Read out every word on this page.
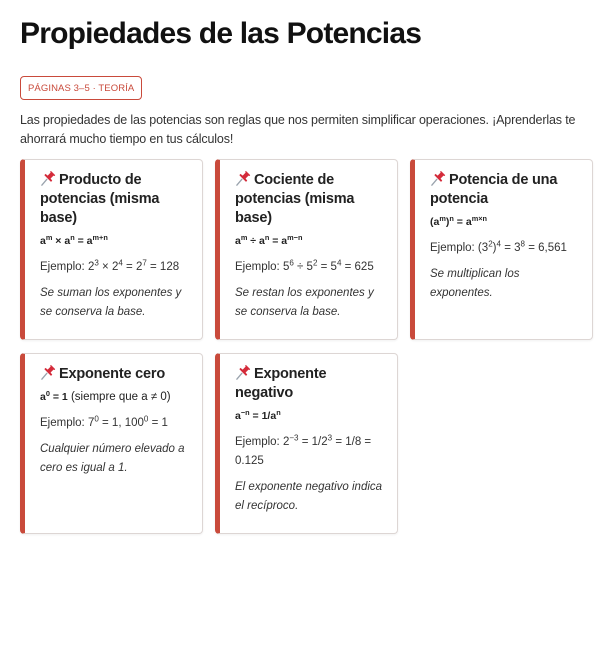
Propiedades de las Potencias
PÁGINAS 3–5 · TEORÍA

Las propiedades de las potencias son reglas que nos permiten simplificar operaciones. ¡Aprenderlas te ahorrará mucho tiempo en tus cálculos!

Producto de potencias (misma base)
$a^m \times a^n = a^{m+n}$
Ejemplo: $2^3 \times 2^4 = 2^7 = 128$
Se suman los exponentes y se conserva la base.
Cociente de potencias (misma base)
$a^m \div a^n = a^{m-n}$
Ejemplo: $5^6 \div 5^2 = 5^4 = 625$
Se restan los exponentes y se conserva la base.
Potencia de una potencia
$(a^m)^n = a^{m\times n}$
Ejemplo: $(3^2)^4 = 3^8 = 6,561$
Se multiplican los exponentes.
Exponente cero
$a^0 = 1$ (siempre que a ≠ 0)
Ejemplo: $7^0 = 1$, $100^0 = 1$
Cualquier número elevado a cero es igual a 1.
Exponente negativo
$a^{-n} = 1/a^n$
Ejemplo: $2^{-3} = 1/2^3 = 1/8 = 0.125$
El exponente negativo indica el recíproco.
